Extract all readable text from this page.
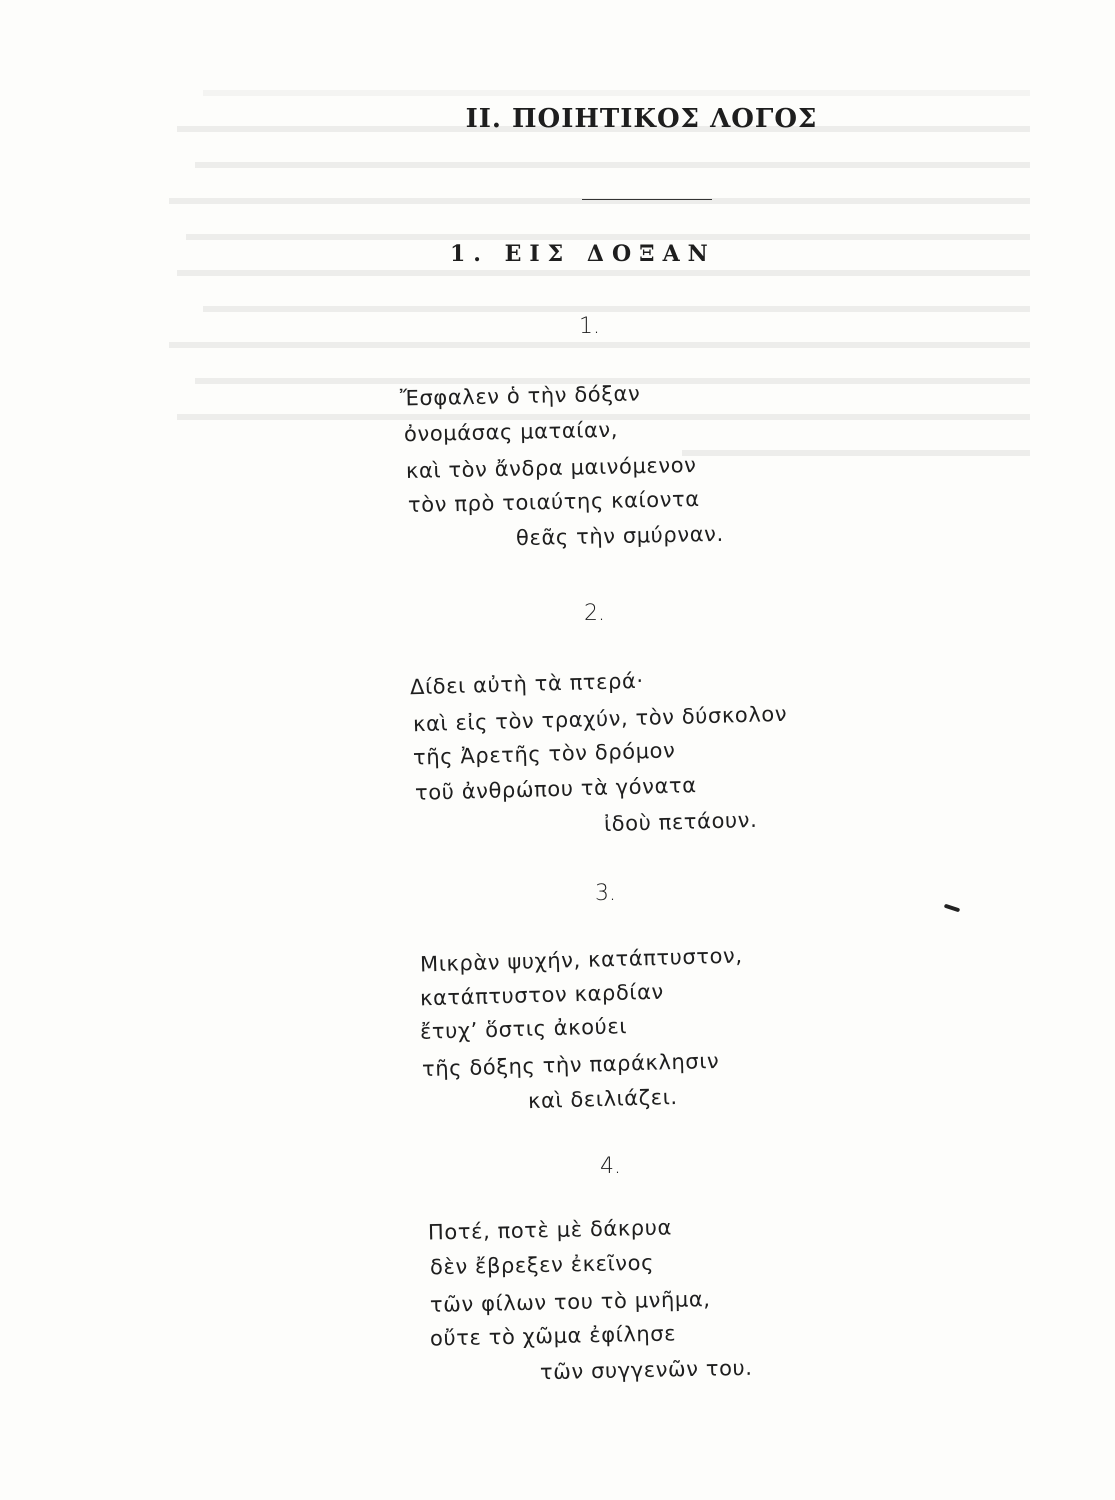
ΙΙ. ΠΟΙΗΤΙΚΟΣ ΛΟΓΟΣ
1. ΕΙΣ ΔΟΞΑΝ
1.
Ἔσφαλεν ὁ τὴν δόξαν
ὀνομάσας ματαίαν,
καὶ τὸν ἄνδρα μαινόμενον
τὸν πρὸ τοιαύτης καίοντα
θεᾶς τὴν σμύρναν.
2.
Δίδει αὐτὴ τὰ πτερά·
καὶ εἰς τὸν τραχύν, τὸν δύσκολον
τῆς Ἀρετῆς τὸν δρόμον
τοῦ ἀνθρώπου τὰ γόνατα
ἰδοὺ πετάουν.
3.
Μικρὰν ψυχήν, κατάπτυστον,
κατάπτυστον καρδίαν
ἔτυχ’ ὅστις ἀκούει
τῆς δόξης τὴν παράκλησιν
καὶ δειλιάζει.
4.
Ποτέ, ποτὲ μὲ δάκρυα
δὲν ἔβρεξεν ἐκεῖνος
τῶν φίλων του τὸ μνῆμα,
οὔτε τὸ χῶμα ἐφίλησε
τῶν συγγενῶν του.
